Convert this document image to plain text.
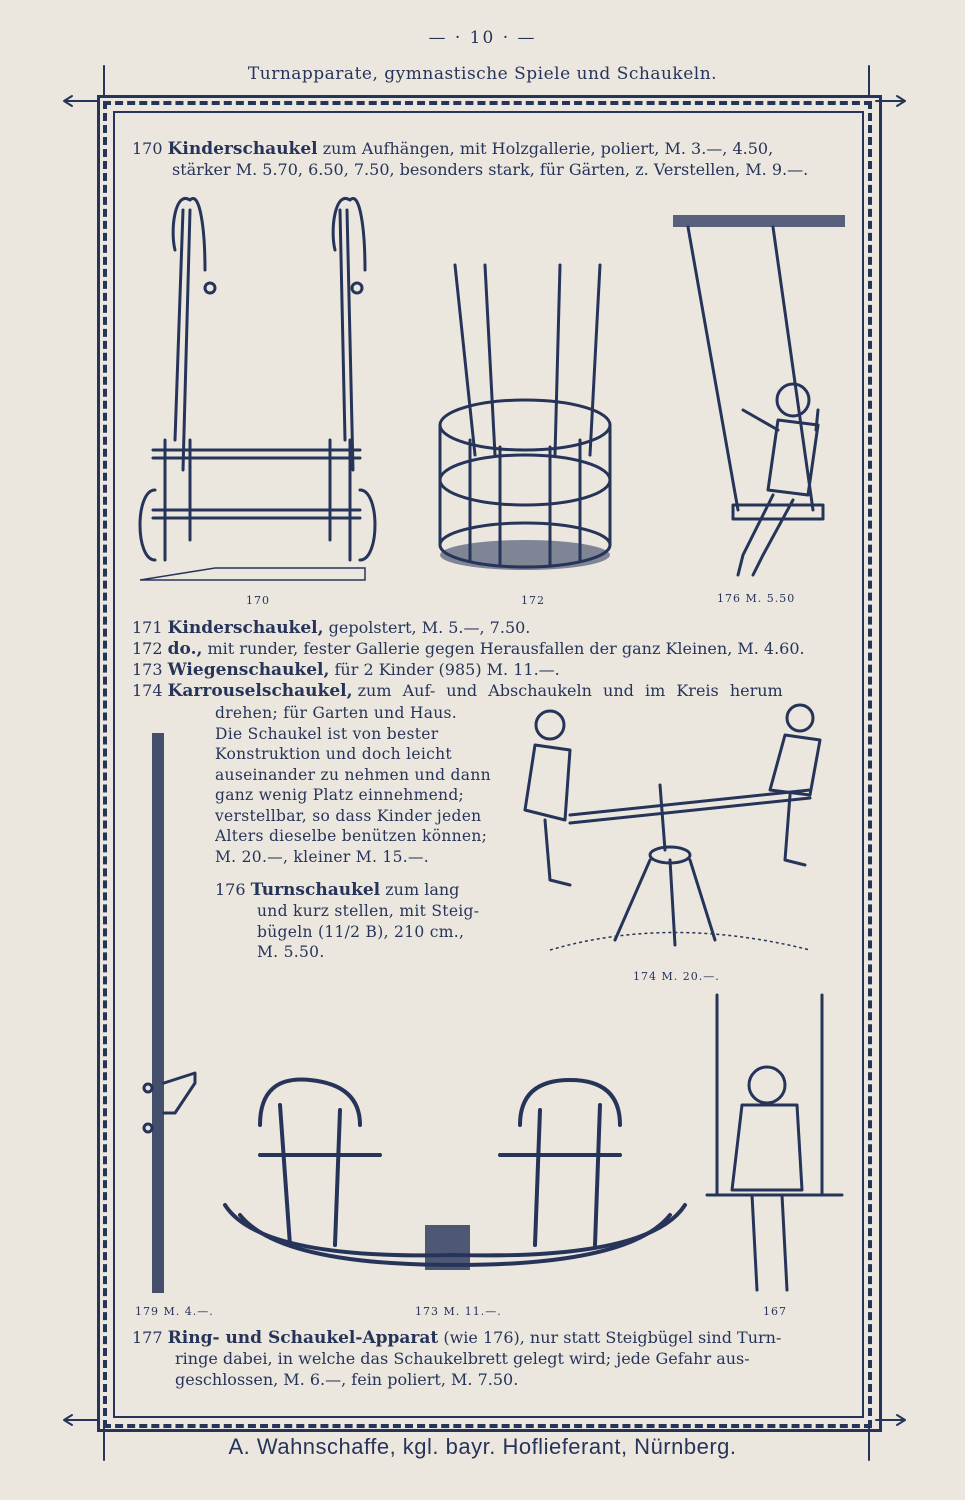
— · 10 · —
Turnapparate, gymnastische Spiele und Schaukeln.
170 Kinderschaukel zum Aufhängen, mit Holzgallerie, poliert, M. 3.—, 4.50,
stärker M. 5.70, 6.50, 7.50, besonders stark, für Gärten, z. Verstellen, M. 9.—.
170	172	176 M. 5.50
171 Kinderschaukel, gepolstert, M. 5.—, 7.50.
172 do., mit runder, fester Gallerie gegen Herausfallen der ganz Kleinen, M. 4.60.
173 Wiegenschaukel, für 2 Kinder (985) M. 11.—.
174 Karrouselschaukel, zum Auf- und Abschaukeln und im Kreis herum
drehen; für Garten und Haus.
Die Schaukel ist von bester
Konstruktion und doch leicht
auseinander zu nehmen und dann
ganz wenig Platz einnehmend;
verstellbar, so dass Kinder jeden
Alters dieselbe benützen können;
M. 20.—, kleiner M. 15.—.
176 Turnschaukel zum lang
und kurz stellen, mit Steig-
bügeln (11/2 B), 210 cm.,
M. 5.50.
174 M. 20.—.
179 M. 4.—.	173 M. 11.—.	167
177 Ring- und Schaukel-Apparat (wie 176), nur statt Steigbügel sind Turn-
ringe dabei, in welche das Schaukelbrett gelegt wird; jede Gefahr aus-
geschlossen, M. 6.—, fein poliert, M. 7.50.
A. Wahnschaffe, kgl. bayr. Hoflieferant, Nürnberg.
